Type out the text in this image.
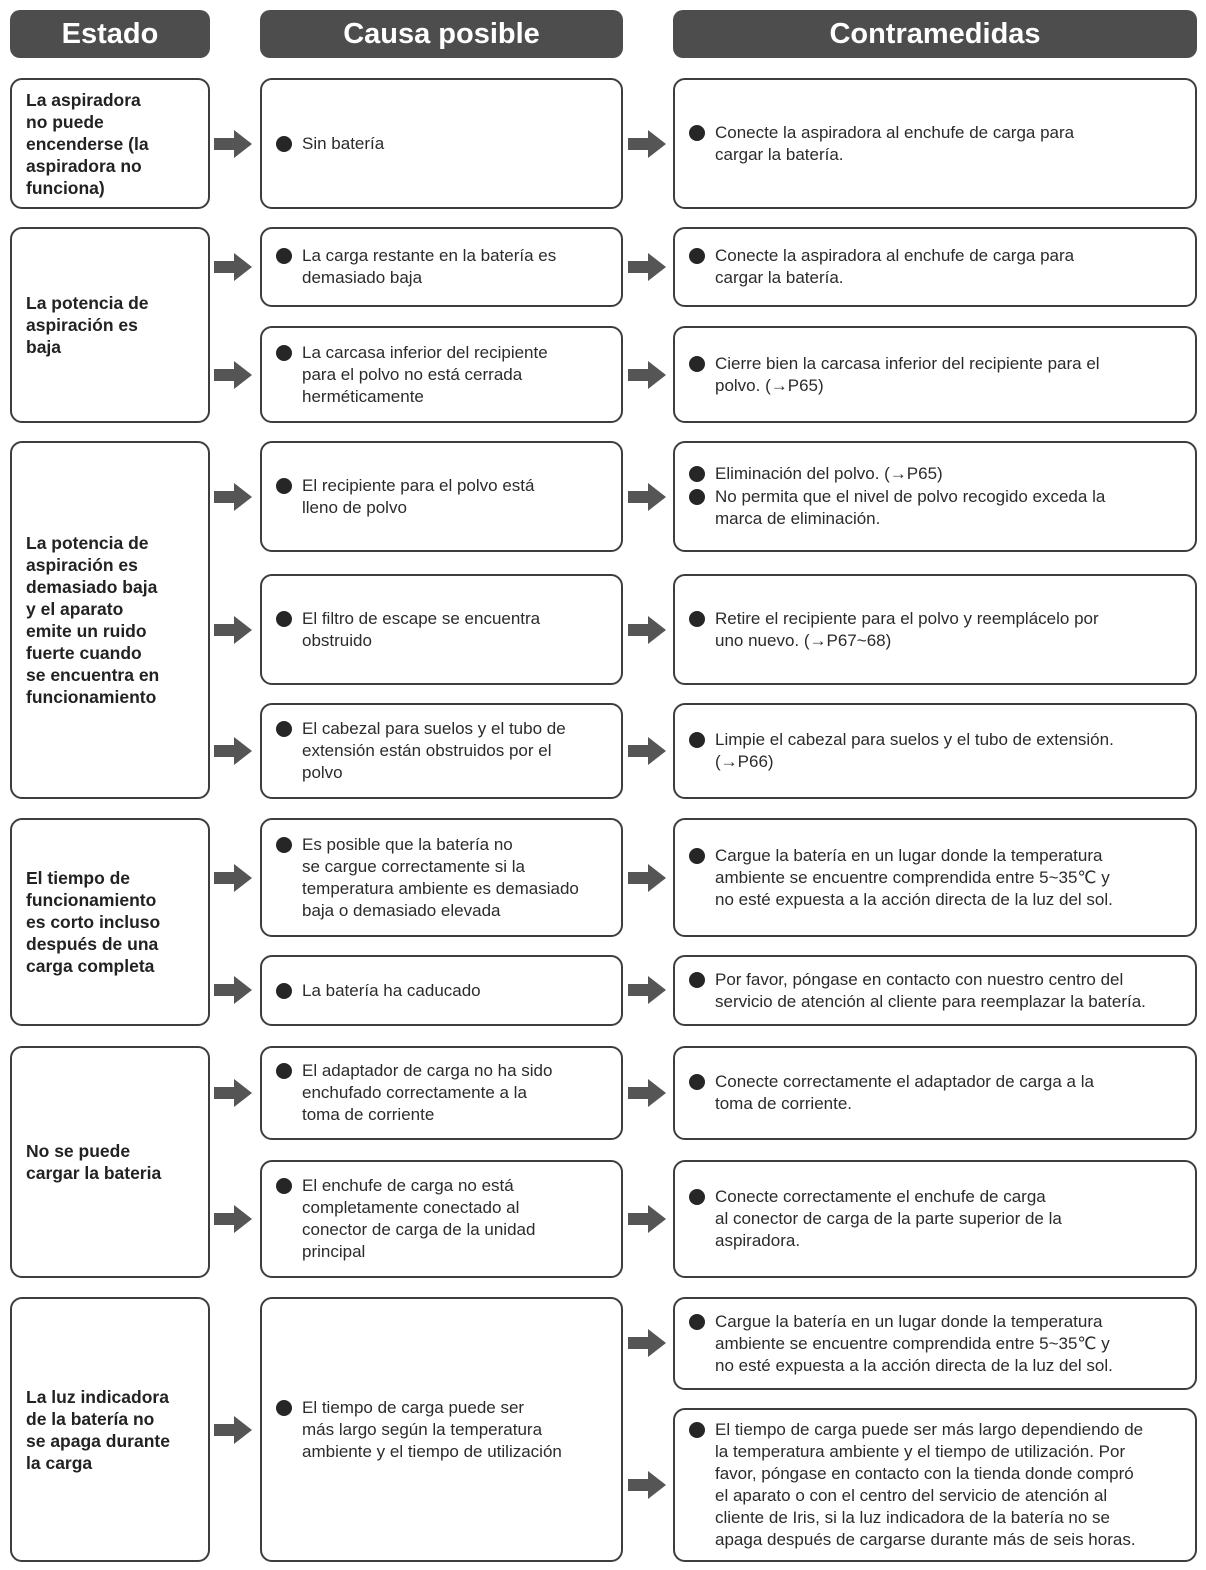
Estado	Causa posible	Contramedidas
La aspiradora
no puede
encenderse (la
aspiradora no
funciona)
Sin batería
Conecte la aspiradora al enchufe de carga para
cargar la batería.
La potencia de
aspiración es
baja
La carga restante en la batería es
demasiado baja
Conecte la aspiradora al enchufe de carga para
cargar la batería.
La carcasa inferior del recipiente
para el polvo no está cerrada
herméticamente
Cierre bien la carcasa inferior del recipiente para el
polvo. (→P65)
La potencia de
aspiración es
demasiado baja
y el aparato
emite un ruido
fuerte cuando
se encuentra en
funcionamiento
El recipiente para el polvo está
lleno de polvo
Eliminación del polvo. (→P65)
No permita que el nivel de polvo recogido exceda la
marca de eliminación.
El filtro de escape se encuentra
obstruido
Retire el recipiente para el polvo y reemplácelo por
uno nuevo. (→P67~68)
El cabezal para suelos y el tubo de
extensión están obstruidos por el
polvo
Limpie el cabezal para suelos y el tubo de extensión.
(→P66)
El tiempo de
funcionamiento
es corto incluso
después de una
carga completa
Es posible que la batería no
se cargue correctamente si la
temperatura ambiente es demasiado
baja o demasiado elevada
Cargue la batería en un lugar donde la temperatura
ambiente se encuentre comprendida entre 5~35℃ y
no esté expuesta a la acción directa de la luz del sol.
La batería ha caducado
Por favor, póngase en contacto con nuestro centro del
servicio de atención al cliente para reemplazar la batería.
No se puede
cargar la bateria
El adaptador de carga no ha sido
enchufado correctamente a la
toma de corriente
Conecte correctamente el adaptador de carga a la
toma de corriente.
El enchufe de carga no está
completamente conectado al
conector de carga de la unidad
principal
Conecte correctamente el enchufe de carga
al conector de carga de la parte superior de la
aspiradora.
La luz indicadora
de la batería no
se apaga durante
la carga
El tiempo de carga puede ser
más largo según la temperatura
ambiente y el tiempo de utilización
Cargue la batería en un lugar donde la temperatura
ambiente se encuentre comprendida entre 5~35℃ y
no esté expuesta a la acción directa de la luz del sol.
El tiempo de carga puede ser más largo dependiendo de
la temperatura ambiente y el tiempo de utilización. Por
favor, póngase en contacto con la tienda donde compró
el aparato o con el centro del servicio de atención al
cliente de Iris, si la luz indicadora de la batería no se
apaga después de cargarse durante más de seis horas.
